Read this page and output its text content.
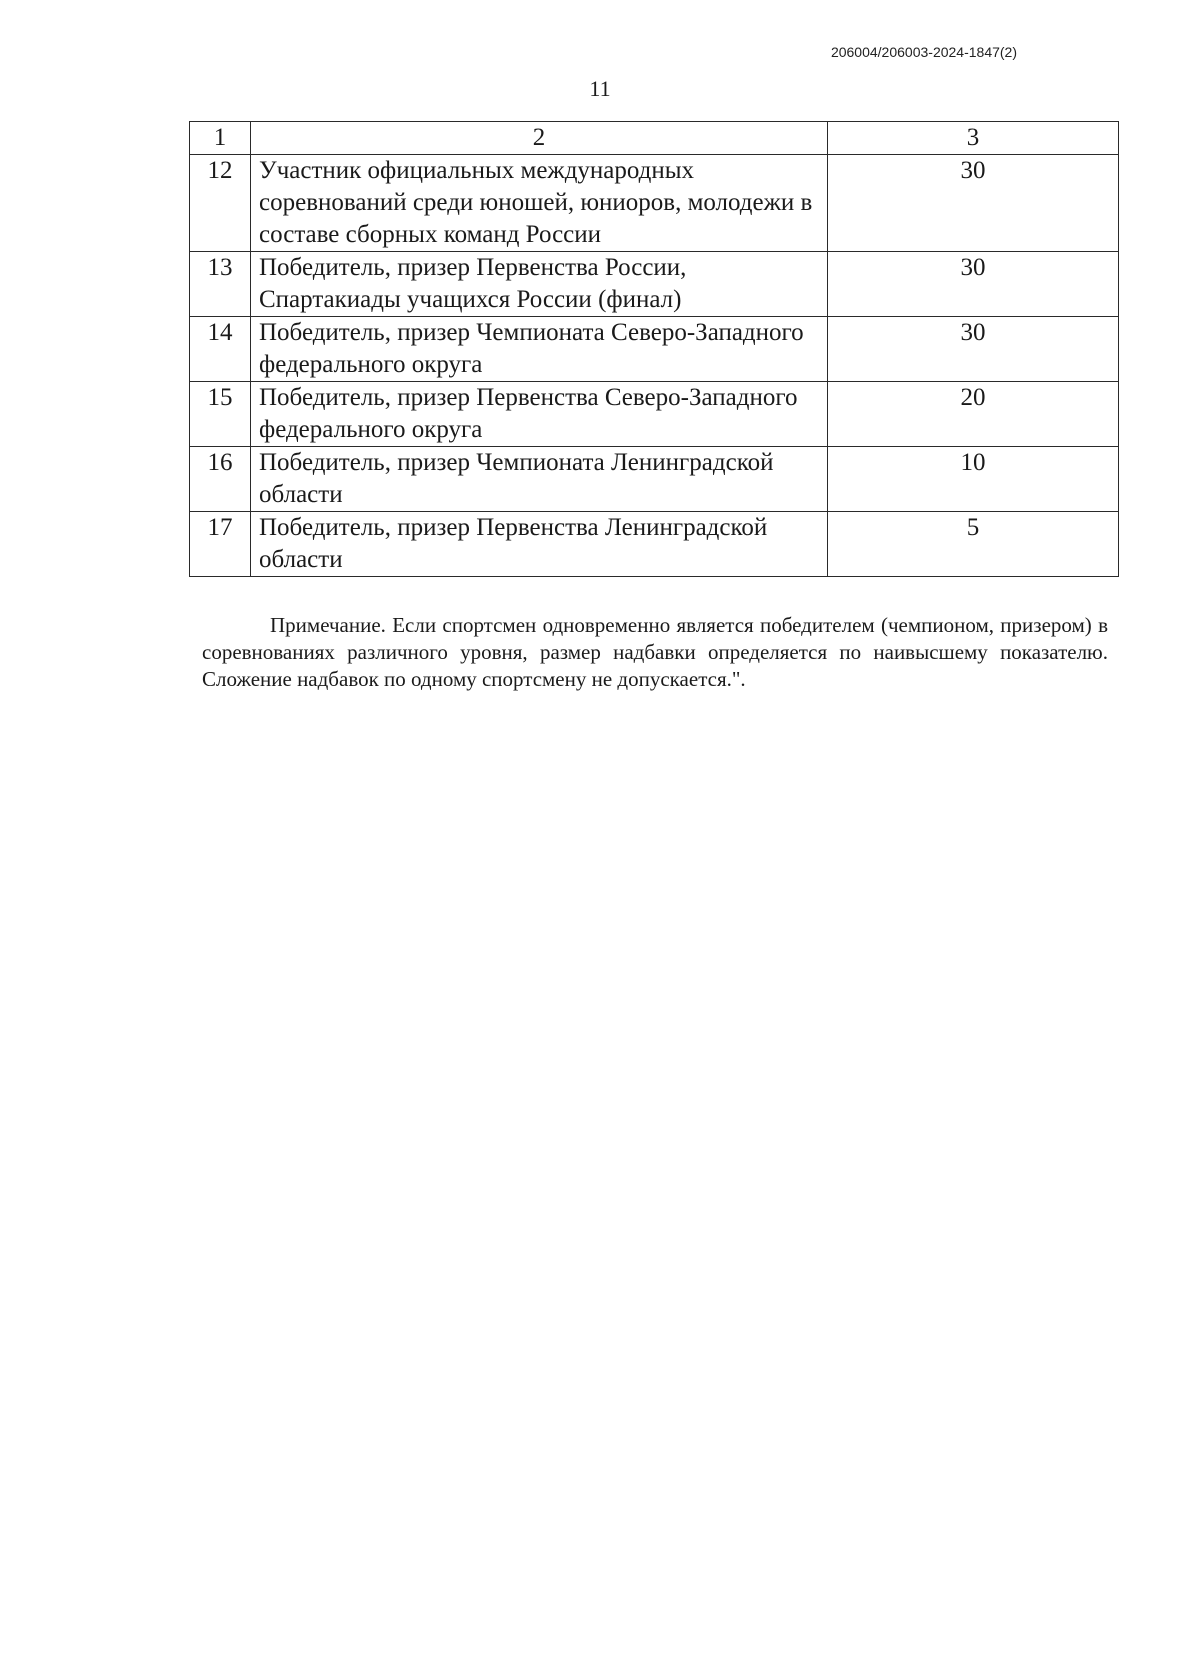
206004/206003-2024-1847(2)
11
1	2	3
12	Участник официальных международных соревнований среди юношей, юниоров, молодежи в составе сборных команд России	30
13	Победитель, призер Первенства России, Спартакиады учащихся России (финал)	30
14	Победитель, призер Чемпионата Северо-Западного федерального округа	30
15	Победитель, призер Первенства Северо-Западного федерального округа	20
16	Победитель, призер Чемпионата Ленинградской области	10
17	Победитель, призер Первенства Ленинградской области	5

Примечание. Если спортсмен одновременно является победителем (чемпионом, призером) в соревнованиях различного уровня, размер надбавки определяется по наивысшему показателю. Сложение надбавок по одному спортсмену не допускается.".
